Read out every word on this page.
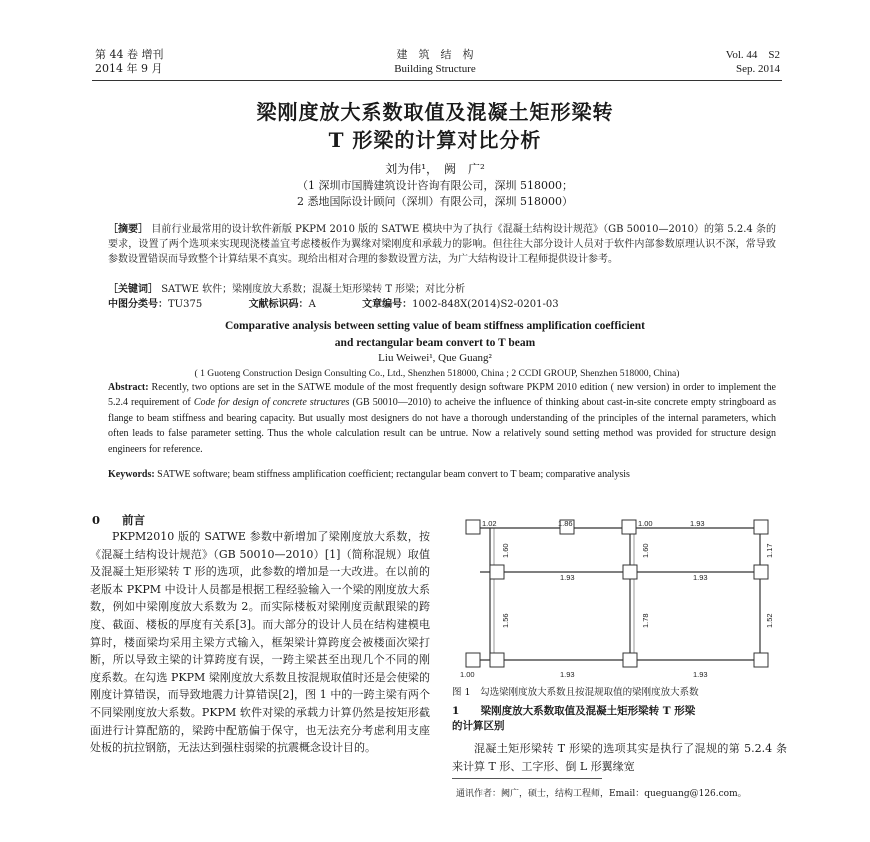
第 44 卷 增刊
2014 年 9 月
建　筑　结　构
Building Structure
Vol. 44　S2
Sep. 2014
梁刚度放大系数取值及混凝土矩形梁转
T 形梁的计算对比分析
刘为伟¹，　阙　广²
（1 深圳市国腾建筑设计咨询有限公司，深圳 518000；
2 悉地国际设计顾问（深圳）有限公司，深圳 518000）
［摘要］ 目前行业最常用的设计软件新版 PKPM 2010 版的 SATWE 模块中为了执行《混凝土结构设计规范》（GB 50010—2010）的第 5.2.4 条的要求，设置了两个选项来实现现浇楼盖宜考虑楼板作为翼缘对梁刚度和承载力的影响。但往往大部分设计人员对于软件内部参数原理认识不深，常导致参数设置错误而导致整个计算结果不真实。现给出相对合理的参数设置方法，为广大结构设计工程师提供设计参考。
［关键词］ SATWE 软件；梁刚度放大系数；混凝土矩形梁转 T 形梁；对比分析
中图分类号：TU375	文献标识码：A	文章编号：1002-848X(2014)S2-0201-03
Comparative analysis between setting value of beam stiffness amplification coefficient
and rectangular beam convert to T beam
Liu Weiwei¹, Que Guang²
( 1 Guoteng Construction Design Consulting Co., Ltd., Shenzhen 518000, China ; 2 CCDI GROUP, Shenzhen 518000, China)
Abstract: Recently, two options are set in the SATWE module of the most frequently design software PKPM 2010 edition ( new version) in order to implement the 5.2.4 requirement of Code for design of concrete structures (GB 50010—2010) to acheive the influence of thinking about cast-in-site concrete empty stringboard as flange to beam stiffness and bearing capacity. But usually most designers do not have a thorough understanding of the principles of the internal parameters, which often leads to false parameter setting. Thus the whole calculation result can be untrue. Now a relatively sound setting method was provided for structure design engineers for reference.
Keywords: SATWE software; beam stiffness amplification coefficient; rectangular beam convert to T beam; comparative analysis
0 前言
PKPM2010 版的 SATWE 参数中新增加了梁刚度放大系数，按《混凝土结构设计规范》（GB 50010—2010）[1]（简称混规）取值及混凝土矩形梁转 T 形的选项，此参数的增加是一大改进。在以前的老版本 PKPM 中设计人员都是根据工程经验输入一个梁的刚度放大系数，例如中梁刚度放大系数为 2。而实际楼板对梁刚度贡献跟梁的跨度、截面、楼板的厚度有关系[3]。而大部分的设计人员在结构建模电算时，楼面梁均采用主梁方式输入，框架梁计算跨度会被楼面次梁打断，所以导致主梁的计算跨度有误，一跨主梁甚至出现几个不同的刚度系数。在勾选 PKPM 梁刚度放大系数且按混规取值时还是会使梁的刚度计算错误，而导致地震力计算错误[2]，图 1 中的一跨主梁有两个不同梁刚度放大系数。PKPM 软件对梁的承载力计算仍然是按矩形截面进行计算配筋的，梁跨中配筋偏于保守，也无法充分考虑利用支座处板的抗拉钢筋，无法达到强柱弱梁的抗震概念设计目的。
1.02	1.86	1.00	1.93
1.93	1.93
1.00	1.93	1.93
1.60	1.60	1.17
1.56	1.78	1.52
图 1　勾选梁刚度放大系数且按混规取值的梁刚度放大系数
1 梁刚度放大系数取值及混凝土矩形梁转 T 形梁
的计算区别
混凝土矩形梁转 T 形梁的选项其实是执行了混规的第 5.2.4 条来计算 T 形、工字形、倒 L 形翼缘宽
通讯作者：阙广，硕士，结构工程师，Email：queguang@126.com。
